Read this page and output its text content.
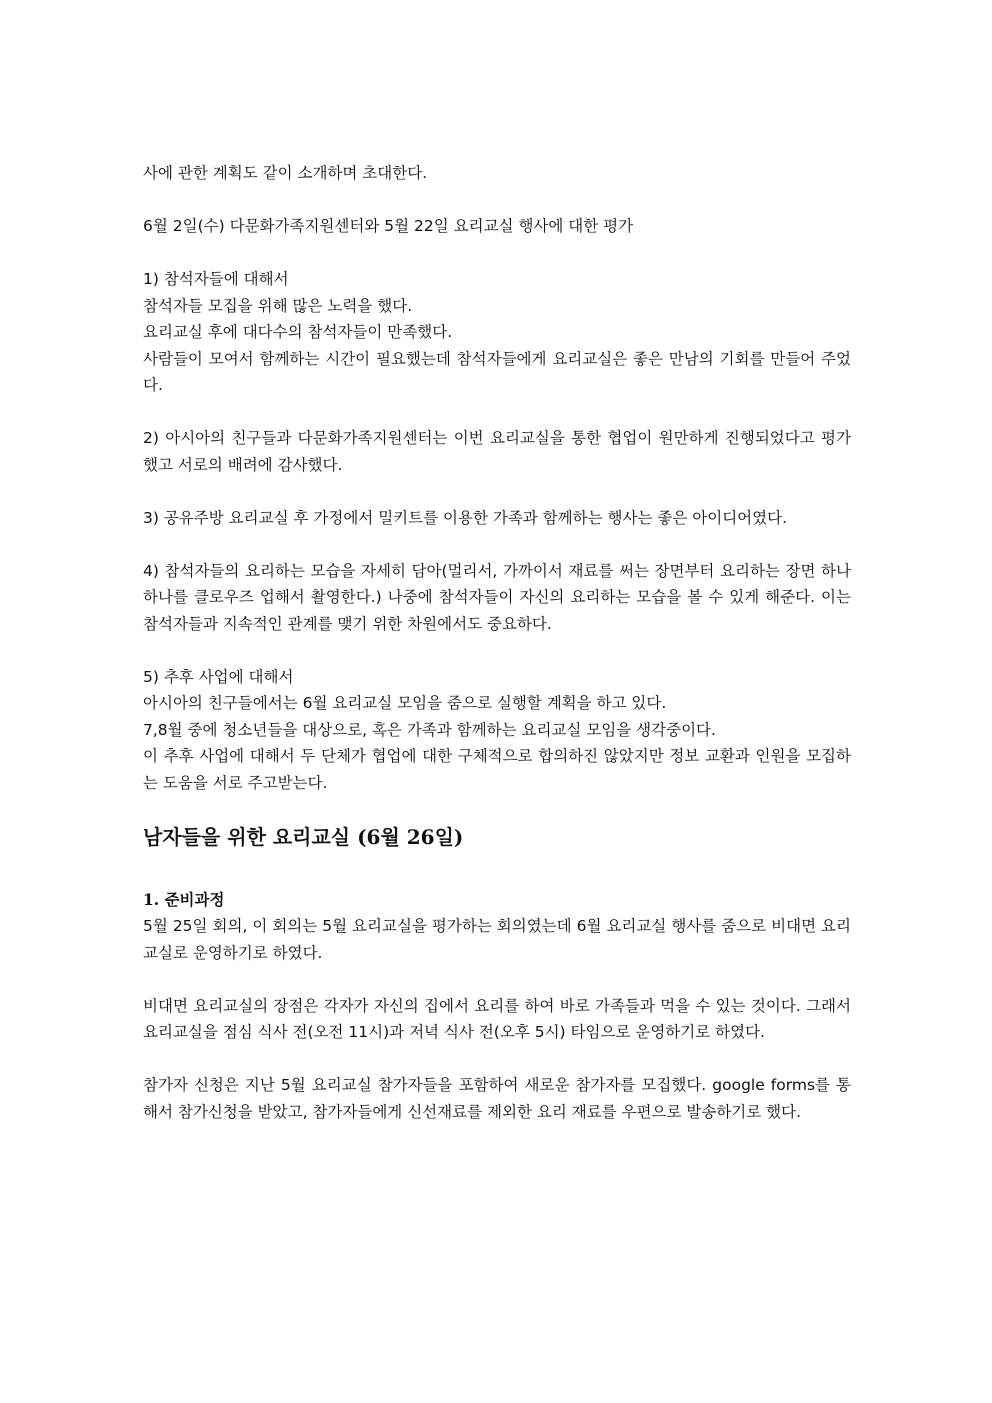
사에 관한 계획도 같이 소개하며 초대한다.

6월 2일(수) 다문화가족지원센터와 5월 22일 요리교실 행사에 대한 평가

1) 참석자들에 대해서

참석자들 모집을 위해 많은 노력을 했다.

요리교실 후에 대다수의 참석자들이 만족했다.

사람들이 모여서 함께하는 시간이 필요했는데 참석자들에게 요리교실은 좋은 만남의 기회를 만들어 주었다.

2) 아시아의 친구들과 다문화가족지원센터는 이번 요리교실을 통한 협업이 원만하게 진행되었다고 평가했고 서로의 배려에 감사했다.

3) 공유주방 요리교실 후 가정에서 밀키트를 이용한 가족과 함께하는 행사는 좋은 아이디어였다.

4) 참석자들의 요리하는 모습을 자세히 담아(멀리서, 가까이서 재료를 써는 장면부터 요리하는 장면 하나하나를 클로우즈 업해서 촬영한다.) 나중에 참석자들이 자신의 요리하는 모습을 볼 수 있게 해준다. 이는 참석자들과 지속적인 관계를 맺기 위한 차원에서도 중요하다.

5) 추후 사업에 대해서

아시아의 친구들에서는 6월 요리교실 모임을 줌으로 실행할 계획을 하고 있다.

7,8월 중에 청소년들을 대상으로, 혹은 가족과 함께하는 요리교실 모임을 생각중이다.

이 추후 사업에 대해서 두 단체가 협업에 대한 구체적으로 합의하진 않았지만 정보 교환과 인원을 모집하는 도움을 서로 주고받는다.

남자들을 위한 요리교실 (6월 26일)

1. 준비과정

5월 25일 회의, 이 회의는 5월 요리교실을 평가하는 회의였는데 6월 요리교실 행사를 줌으로 비대면 요리교실로 운영하기로 하였다.

비대면 요리교실의 장점은 각자가 자신의 집에서 요리를 하여 바로 가족들과 먹을 수 있는 것이다. 그래서 요리교실을 점심 식사 전(오전 11시)과 저녁 식사 전(오후 5시) 타임으로 운영하기로 하였다.

참가자 신청은 지난 5월 요리교실 참가자들을 포함하여 새로운 참가자를 모집했다. google forms를 통해서 참가신청을 받았고, 참가자들에게 신선재료를 제외한 요리 재료를 우편으로 발송하기로 했다.
